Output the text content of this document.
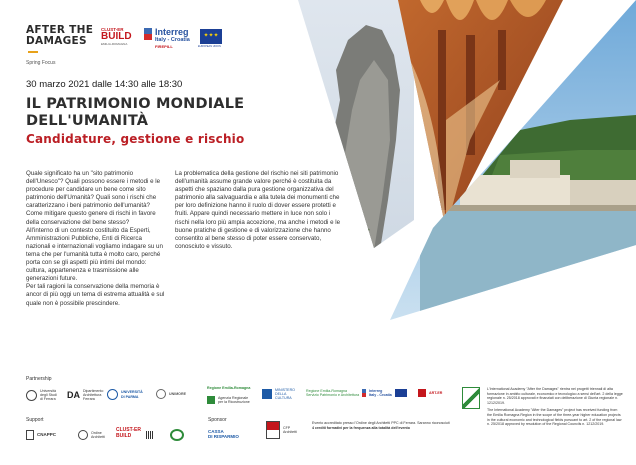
AFTER THE
DAMAGES
Spring Focus
CLUST-ER
BUILD
EMILIA-ROMAGNA
Interreg
Italy - Croatia
FIREPILL
✦✦✦
EUROPEAN UNION
30 marzo 2021 dalle 14:30 alle 18:30
IL PATRIMONIO MONDIALE
DELL'UMANITÀ
Candidature, gestione e rischio

Quale significato ha un "sito patrimonio dell'Unesco"? Quali possono essere i metodi e le procedure per candidare un bene come sito patrimonio dell'Umanità? Quali sono i rischi che caratterizzano i beni patrimonio dell'umanità? Come mitigare questo genere di rischi in favore della conservazione del bene stesso?

All'interno di un contesto costituito da Esperti, Amministrazioni Pubbliche, Enti di Ricerca nazionali e internazionali vogliamo indagare su un tema che per l'umanità tutta è molto caro, perché porta con se gli aspetti più intimi del mondo: cultura, appartenenza e trasmissione alle generazioni future.

Per tali ragioni la conservazione della memoria è ancor di più oggi un tema di estrema attualità e sul quale non è possibile prescindere.

La problematica della gestione del rischio nei siti patrimonio dell'umanità assume grande valore perché è costituita da aspetti che spaziano dalla pura gestione organizzativa del patrimonio alla salvaguardia e alla tutela dei monumenti che per loro definizione hanno il ruolo di dover essere protetti e fruiti. Appare quindi necessario mettere in luce non solo i rischi nella loro più ampia accezione, ma anche i metodi e le buone pratiche di gestione e di valorizzazione che hanno consentito al bene stesso di poter essere conservato, conosciuto e vissuto.

Partnership
Support	Sponsor
Università
degli Studi
di Ferrara DA Dipartimento
Architettura
Ferrara
UNIVERSITÀ
DI PARMA
UNIMORE
Regione Emilia-Romagna
Agenzia Regionale
per la Ricostruzione
MINISTERO
DELLA
CULTURA
Regione Emilia-Romagna
Servizio Patrimonio e Architettura
Interreg
Italy - Croatia
ART-ER
CNAPPC	Ordine
Architetti
CLUST-ER
BUILD
CASSA
DI RISPARMIO
CFP
Architetti
Evento accreditato presso l'Ordine degli Architetti PPC di Ferrara. Saranno riconosciuti 4 crediti formativi per la frequenza alla totalità dell'evento

L'International Academy "After the Damages" rientra nei progetti triennali di alta formazione in ambito culturale, economico e tecnologico a sensi dell'art. 2 della legge regionale n. 25/2018 approvati e finanziati con deliberazione di Giunta regionale n. 1212/2019.

The International Academy "After the Damages" project has received funding from the Emilia Romagna Region in the scope of the three-year higher education projects in the cultural economic and technological fields pursuant to art. 2 of the regional law n. 25/2018 approved by resolution of the Regional Councils n. 1212/2019.
